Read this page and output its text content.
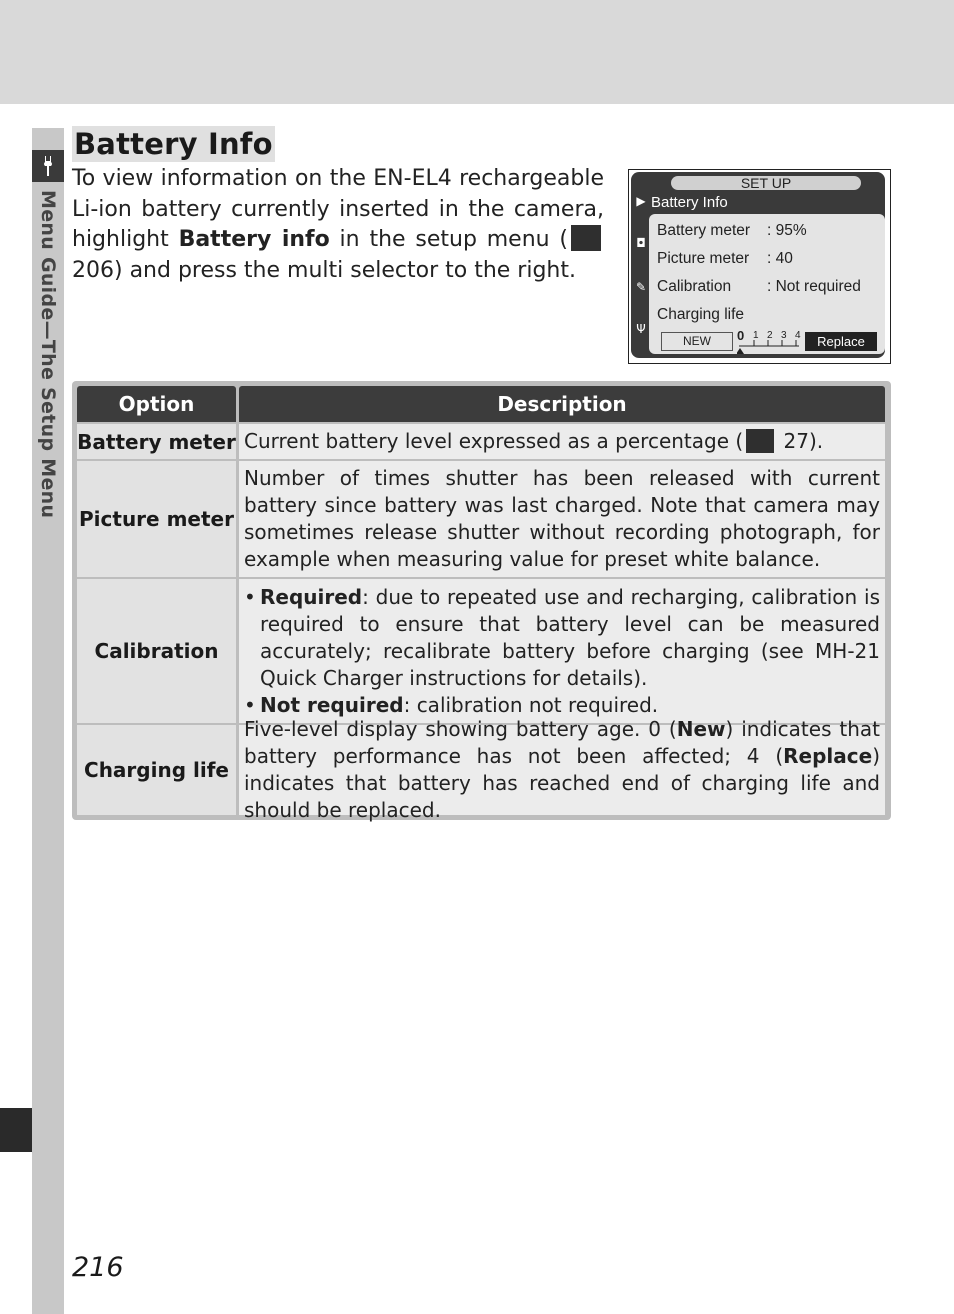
Menu Guide—The Setup Menu
Battery Info
To view information on the EN-EL4 rechargeable Li-ion battery currently inserted in the camera, highlight Battery info in the setup menu ( 206) and press the multi selector to the right.
SET UP
Battery Info
▶
◘
✎
Ψ
Battery meter : 95%
Picture meter : 40
Calibration : Not required
Charging life
NEW	0 1 2 3 4	Replace
Option	Description
Battery meter Current battery level expressed as a percentage ( 27).
Picture meter
Number of times shutter has been released with current battery since battery was last charged. Note that camera may sometimes release shutter without recording photograph, for example when measuring value for preset white balance.
Calibration
• Required: due to repeated use and recharging, calibration is required to ensure that battery level can be measured accurately; recalibrate battery before charging (see MH-21 Quick Charger instructions for details).
• Not required: calibration not required.
Charging life
Five-level display showing battery age. 0 (New) indicates that battery performance has not been affected; 4 (Replace) indicates that battery has reached end of charging life and should be replaced.
216
